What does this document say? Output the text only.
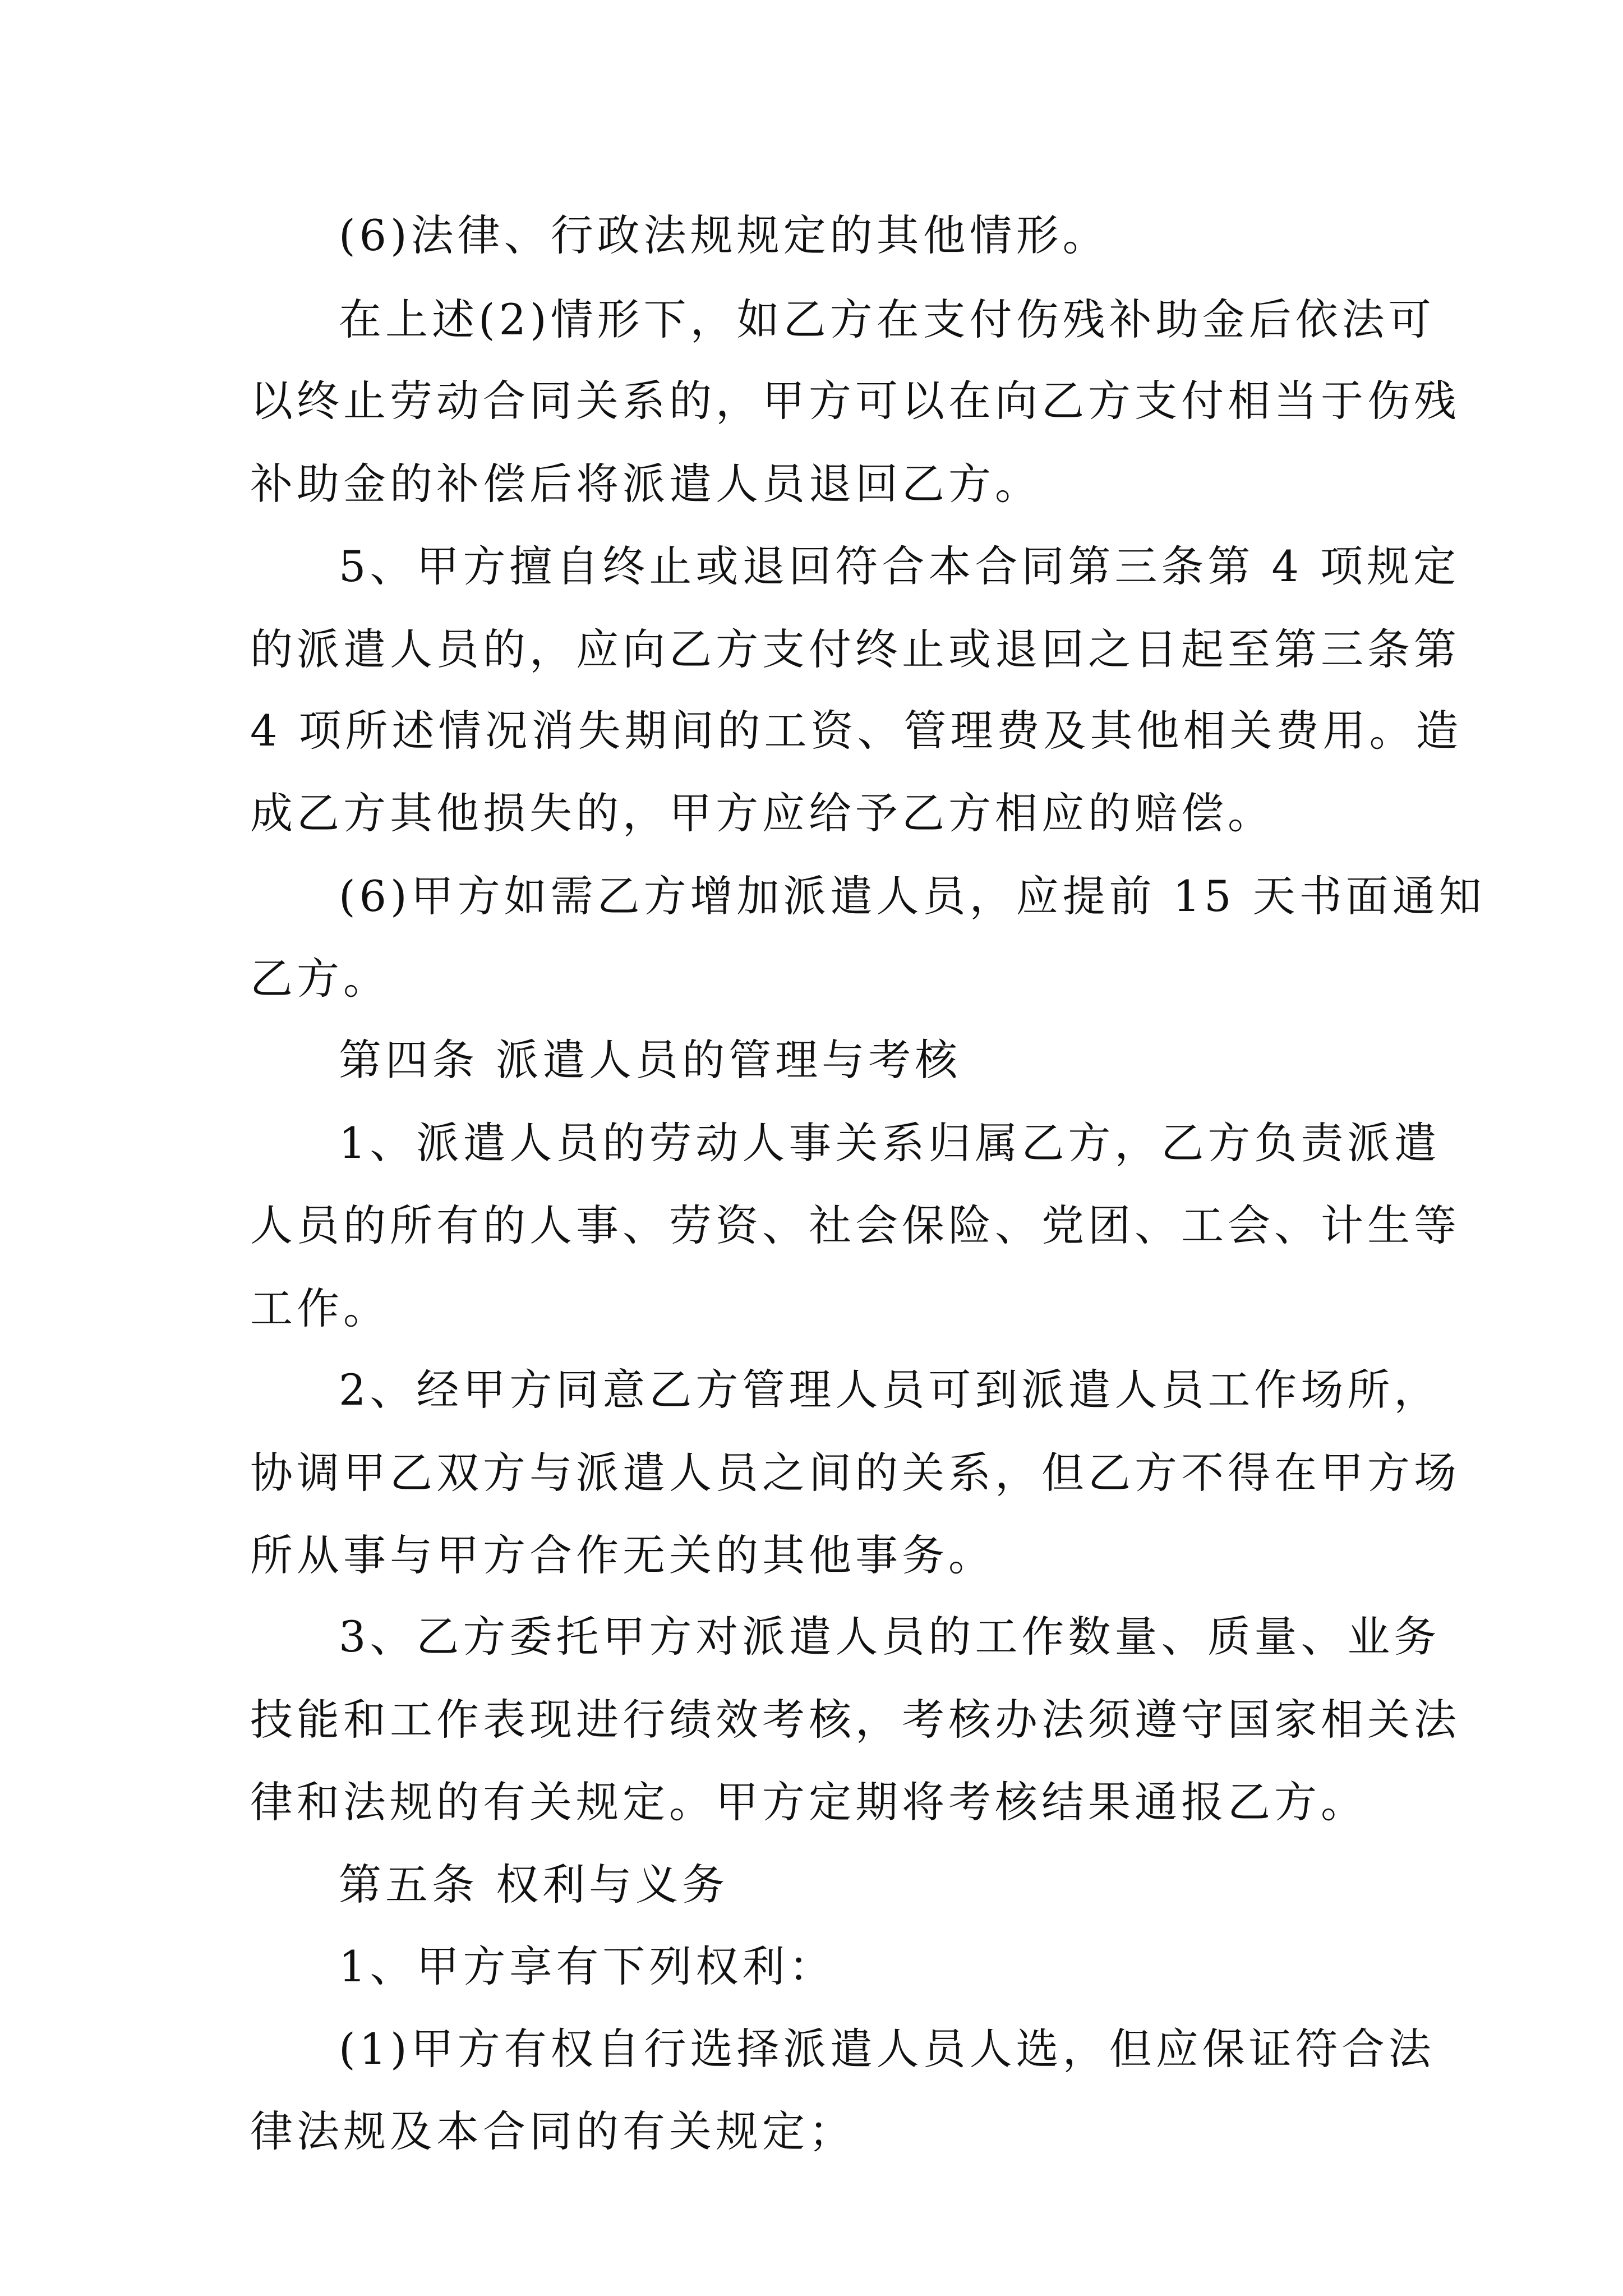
(6)法律、行政法规规定的其他情形。
在上述(2)情形下，如乙方在支付伤残补助金后依法可
以终止劳动合同关系的，甲方可以在向乙方支付相当于伤残
补助金的补偿后将派遣人员退回乙方。
5、甲方擅自终止或退回符合本合同第三条第 4 项规定
的派遣人员的，应向乙方支付终止或退回之日起至第三条第
4 项所述情况消失期间的工资、管理费及其他相关费用。造
成乙方其他损失的，甲方应给予乙方相应的赔偿。
(6)甲方如需乙方增加派遣人员，应提前 15 天书面通知
乙方。
第四条 派遣人员的管理与考核
1、派遣人员的劳动人事关系归属乙方，乙方负责派遣
人员的所有的人事、劳资、社会保险、党团、工会、计生等
工作。
2、经甲方同意乙方管理人员可到派遣人员工作场所，
协调甲乙双方与派遣人员之间的关系，但乙方不得在甲方场
所从事与甲方合作无关的其他事务。
3、乙方委托甲方对派遣人员的工作数量、质量、业务
技能和工作表现进行绩效考核，考核办法须遵守国家相关法
律和法规的有关规定。甲方定期将考核结果通报乙方。
第五条 权利与义务
1、甲方享有下列权利：
(1)甲方有权自行选择派遣人员人选，但应保证符合法
律法规及本合同的有关规定；
